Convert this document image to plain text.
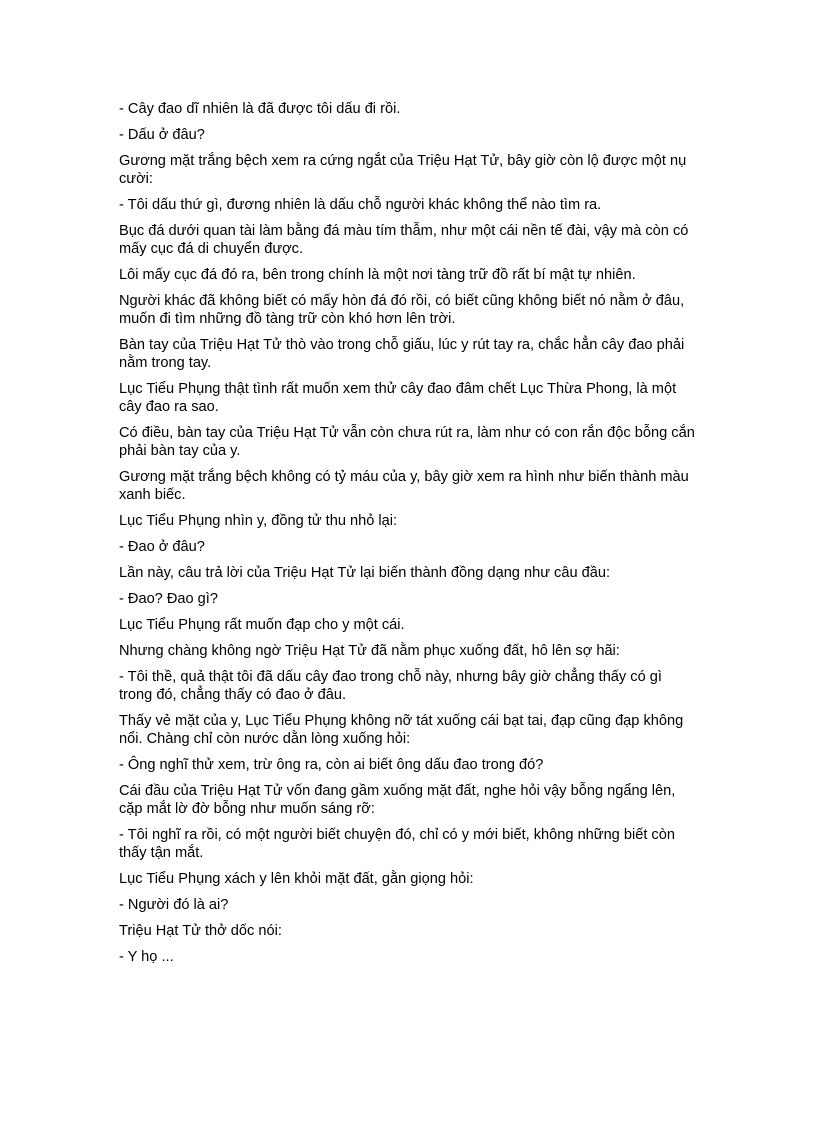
- Cây đao dĩ nhiên là đã được tôi dấu đi rồi.

- Dấu ở đâu?

Gương mặt trắng bệch xem ra cứng ngắt của Triệu Hạt Tử, bây giờ còn lộ được một nụ cười:

- Tôi dấu thứ gì, đương nhiên là dấu chỗ người khác không thể nào tìm ra.

Bục đá dưới quan tài làm bằng đá màu tím thẫm, như một cái nền tế đài, vậy mà còn có mấy cục đá di chuyển được.

Lôi mấy cục đá đó ra, bên trong chính là một nơi tàng trữ đồ rất bí mật tự nhiên.

Người khác đã không biết có mấy hòn đá đó rồi, có biết cũng không biết nó nằm ở đâu, muốn đi tìm những đồ tàng trữ còn khó hơn lên trời.

Bàn tay của Triệu Hạt Tử thò vào trong chỗ giấu, lúc y rút tay ra, chắc hẳn cây đao phải nằm trong tay.

Lục Tiểu Phụng thật tình rất muốn xem thử cây đao đâm chết Lục Thừa Phong, là một cây đao ra sao.

Có điều, bàn tay của Triệu Hạt Tử vẫn còn chưa rút ra, làm như có con rắn độc bỗng cắn phải bàn tay của y.

Gương mặt trắng bệch không có tỷ máu của y, bây giờ xem ra hình như biến thành màu xanh biếc.

Lục Tiểu Phụng nhìn y, đồng tử thu nhỏ lại:

- Đao ở đâu?

Lần này, câu trả lời của Triệu Hạt Tử lại biến thành đồng dạng như câu đầu:

- Đao? Đao gì?

Lục Tiểu Phụng rất muốn đạp cho y một cái.

Nhưng chàng không ngờ Triệu Hạt Tử đã nằm phục xuống đất, hô lên sợ hãi:

- Tôi thề, quả thật tôi đã dấu cây đao trong chỗ này, nhưng bây giờ chẳng thấy có gì trong đó, chẳng thấy có đao ở đâu.

Thấy vẻ mặt của y, Lục Tiểu Phụng không nỡ tát xuống cái bạt tai, đạp cũng đạp không nổi. Chàng chỉ còn nước dằn lòng xuống hỏi:

- Ông nghĩ thử xem, trừ ông ra, còn ai biết ông dấu đao trong đó?

Cái đầu của Triệu Hạt Tử vốn đang gầm xuống mặt đất, nghe hỏi vậy bỗng ngẩng lên, cặp mắt lờ đờ bỗng như muốn sáng rỡ:

- Tôi nghĩ ra rồi, có một người biết chuyện đó, chỉ có y mới biết, không những biết còn thấy tận mắt.

Lục Tiểu Phụng xách y lên khỏi mặt đất, gằn giọng hỏi:

- Người đó là ai?

Triệu Hạt Tử thở dốc nói:

- Y họ ...
